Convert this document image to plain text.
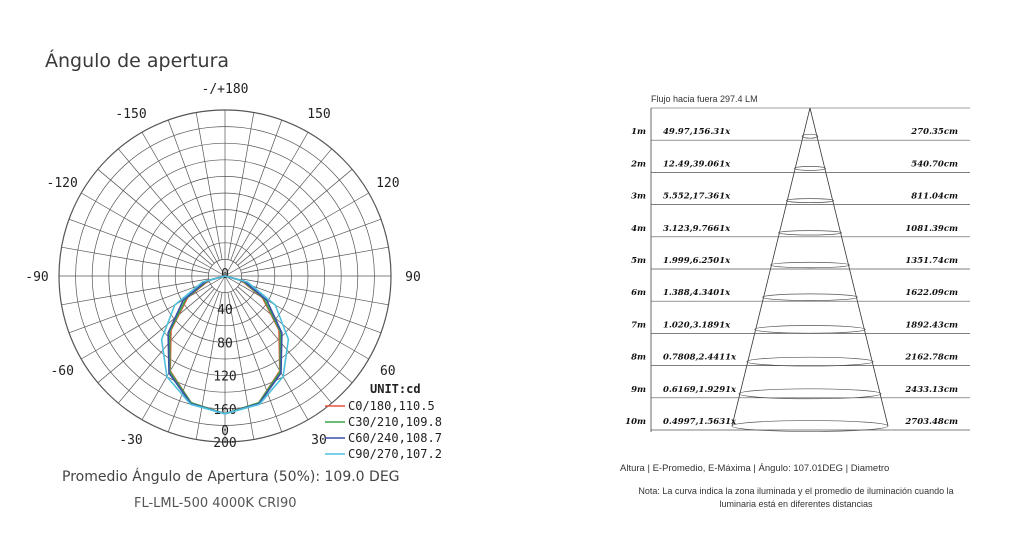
Ángulo de apertura
-/+180
-150	150
-120	120
-90	90
-60	60
-30	30
0
0
40
80
120
160
200
UNIT:cd
C0/180,110.5
C30/210,109.8
C60/240,108.7
C90/270,107.2
Promedio Ángulo de Apertura (50%): 109.0 DEG
FL-LML-500 4000K CRI90
Flujo hacia fuera 297.4 LM
1m 49.97,156.31x	270.35cm
2m 12.49,39.061x	540.70cm
3m 5.552,17.361x	811.04cm
4m 3.123,9.7661x	1081.39cm
5m 1.999,6.2501x	1351.74cm
6m 1.388,4.3401x	1622.09cm
7m 1.020,3.1891x	1892.43cm
8m 0.7808,2.4411x	2162.78cm
9m 0.6169,1.9291x	2433.13cm
10m 0.4997,1.5631x	2703.48cm
Altura | E-Promedio, E-Máxima | Ángulo: 107.01DEG | Diametro
Nota: La curva indica la zona iluminada y el promedio de iluminación cuando la luminaria está en diferentes distancias
